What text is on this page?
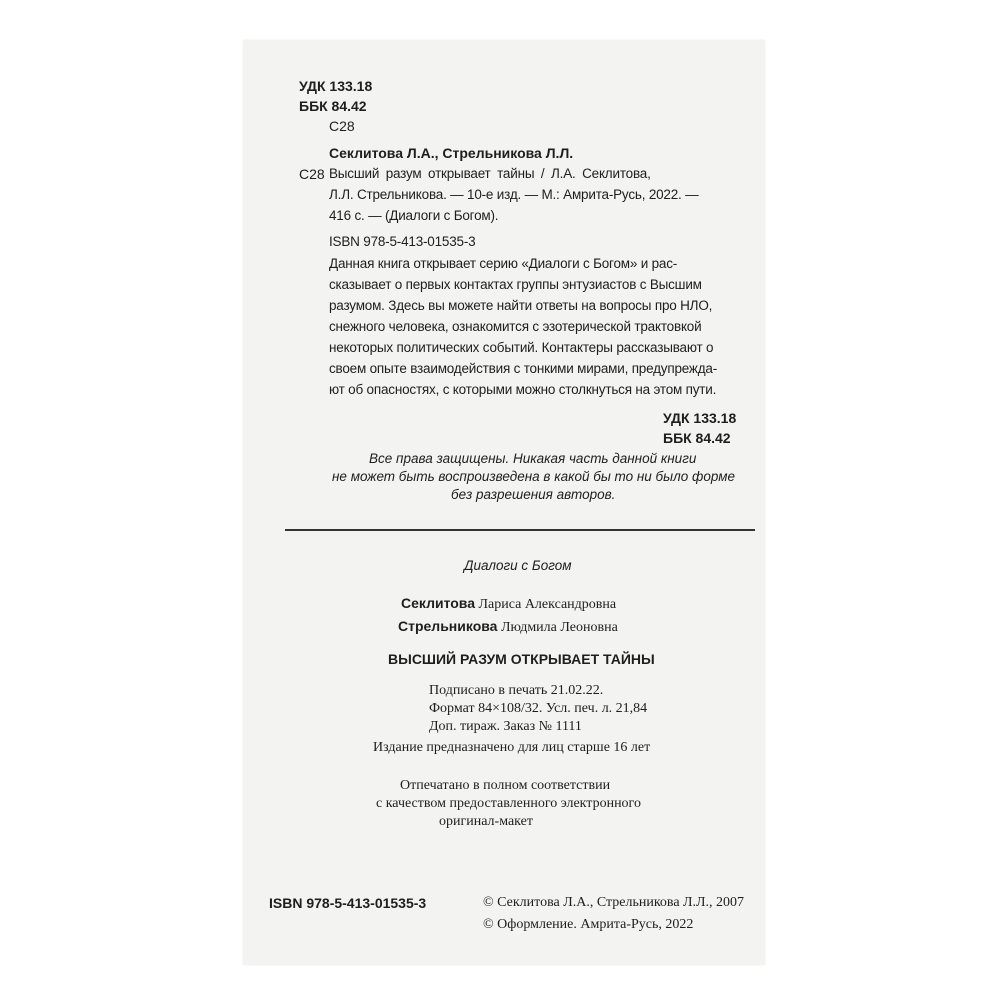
УДК 133.18
ББК 84.42
С28
Секлитова Л.А., Стрельникова Л.Л.
С28 Высший разум открывает тайны / Л.А. Секлитова,
Л.Л. Стрельникова. — 10-е изд. — М.: Амрита-Русь, 2022. —
416 с. — (Диалоги с Богом).
ISBN 978-5-413-01535-3
Данная книга открывает серию «Диалоги с Богом» и рас-
сказывает о первых контактах группы энтузиастов с Высшим
разумом. Здесь вы можете найти ответы на вопросы про НЛО,
снежного человека, ознакомится с эзотерической трактовкой
некоторых политических событий. Контактеры рассказывают о
своем опыте взаимодействия с тонкими мирами, предупрежда-
ют об опасностях, с которыми можно столкнуться на этом пути.
УДК 133.18
ББК 84.42
Все права защищены. Никакая часть данной книги
не может быть воспроизведена в какой бы то ни было форме
без разрешения авторов.
Диалоги с Богом
Секлитова Лариса Александровна
Стрельникова Людмила Леоновна
ВЫСШИЙ РАЗУМ ОТКРЫВАЕТ ТАЙНЫ
Подписано в печать 21.02.22.
Формат 84×108/32. Усл. печ. л. 21,84
Доп. тираж. Заказ № 1111
Издание предназначено для лиц старше 16 лет
Отпечатано в полном соответствии
с качеством предоставленного электронного
оригинал-макет
ISBN 978-5-413-01535-3	© Секлитова Л.А., Стрельникова Л.Л., 2007
© Оформление. Амрита-Русь, 2022
